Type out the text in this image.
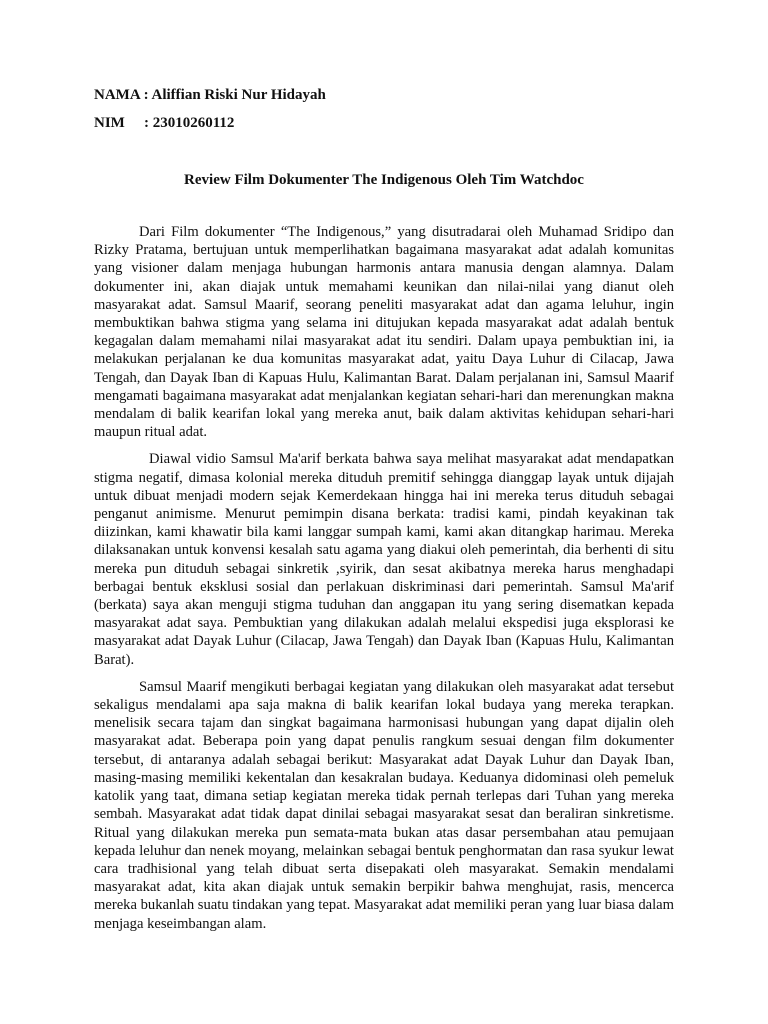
NAMA : Aliffian Riski Nur Hidayah
NIM : 23010260112
Review Film Dokumenter The Indigenous Oleh Tim Watchdoc

Dari Film dokumenter “The Indigenous,” yang disutradarai oleh Muhamad Sridipo dan Rizky Pratama, bertujuan untuk memperlihatkan bagaimana masyarakat adat adalah komunitas yang visioner dalam menjaga hubungan harmonis antara manusia dengan alamnya. Dalam dokumenter ini, akan diajak untuk memahami keunikan dan nilai-nilai yang dianut oleh masyarakat adat. Samsul Maarif, seorang peneliti masyarakat adat dan agama leluhur, ingin membuktikan bahwa stigma yang selama ini ditujukan kepada masyarakat adat adalah bentuk kegagalan dalam memahami nilai masyarakat adat itu sendiri. Dalam upaya pembuktian ini, ia melakukan perjalanan ke dua komunitas masyarakat adat, yaitu Daya Luhur di Cilacap, Jawa Tengah, dan Dayak Iban di Kapuas Hulu, Kalimantan Barat. Dalam perjalanan ini, Samsul Maarif mengamati bagaimana masyarakat adat menjalankan kegiatan sehari-hari dan merenungkan makna mendalam di balik kearifan lokal yang mereka anut, baik dalam aktivitas kehidupan sehari-hari maupun ritual adat.

Diawal vidio Samsul Ma'arif berkata bahwa saya melihat masyarakat adat mendapatkan stigma negatif, dimasa kolonial mereka dituduh premitif sehingga dianggap layak untuk dijajah untuk dibuat menjadi modern sejak Kemerdekaan hingga hai ini mereka terus dituduh sebagai penganut animisme. Menurut pemimpin disana berkata: tradisi kami, pindah keyakinan tak diizinkan, kami khawatir bila kami langgar sumpah kami, kami akan ditangkap harimau. Mereka dilaksanakan untuk konvensi kesalah satu agama yang diakui oleh pemerintah, dia berhenti di situ mereka pun dituduh sebagai sinkretik ,syirik, dan sesat akibatnya mereka harus menghadapi berbagai bentuk eksklusi sosial dan perlakuan diskriminasi dari pemerintah. Samsul Ma'arif (berkata) saya akan menguji stigma tuduhan dan anggapan itu yang sering disematkan kepada masyarakat adat saya. Pembuktian yang dilakukan adalah melalui ekspedisi juga eksplorasi ke masyarakat adat Dayak Luhur (Cilacap, Jawa Tengah) dan Dayak Iban (Kapuas Hulu, Kalimantan Barat).

Samsul Maarif mengikuti berbagai kegiatan yang dilakukan oleh masyarakat adat tersebut sekaligus mendalami apa saja makna di balik kearifan lokal budaya yang mereka terapkan. menelisik secara tajam dan singkat bagaimana harmonisasi hubungan yang dapat dijalin oleh masyarakat adat. Beberapa poin yang dapat penulis rangkum sesuai dengan film dokumenter tersebut, di antaranya adalah sebagai berikut: Masyarakat adat Dayak Luhur dan Dayak Iban, masing-masing memiliki kekentalan dan kesakralan budaya. Keduanya didominasi oleh pemeluk katolik yang taat, dimana setiap kegiatan mereka tidak pernah terlepas dari Tuhan yang mereka sembah. Masyarakat adat tidak dapat dinilai sebagai masyarakat sesat dan beraliran sinkretisme. Ritual yang dilakukan mereka pun semata-mata bukan atas dasar persembahan atau pemujaan kepada leluhur dan nenek moyang, melainkan sebagai bentuk penghormatan dan rasa syukur lewat cara tradhisional yang telah dibuat serta disepakati oleh masyarakat. Semakin mendalami masyarakat adat, kita akan diajak untuk semakin berpikir bahwa menghujat, rasis, mencerca mereka bukanlah suatu tindakan yang tepat. Masyarakat adat memiliki peran yang luar biasa dalam menjaga keseimbangan alam.
